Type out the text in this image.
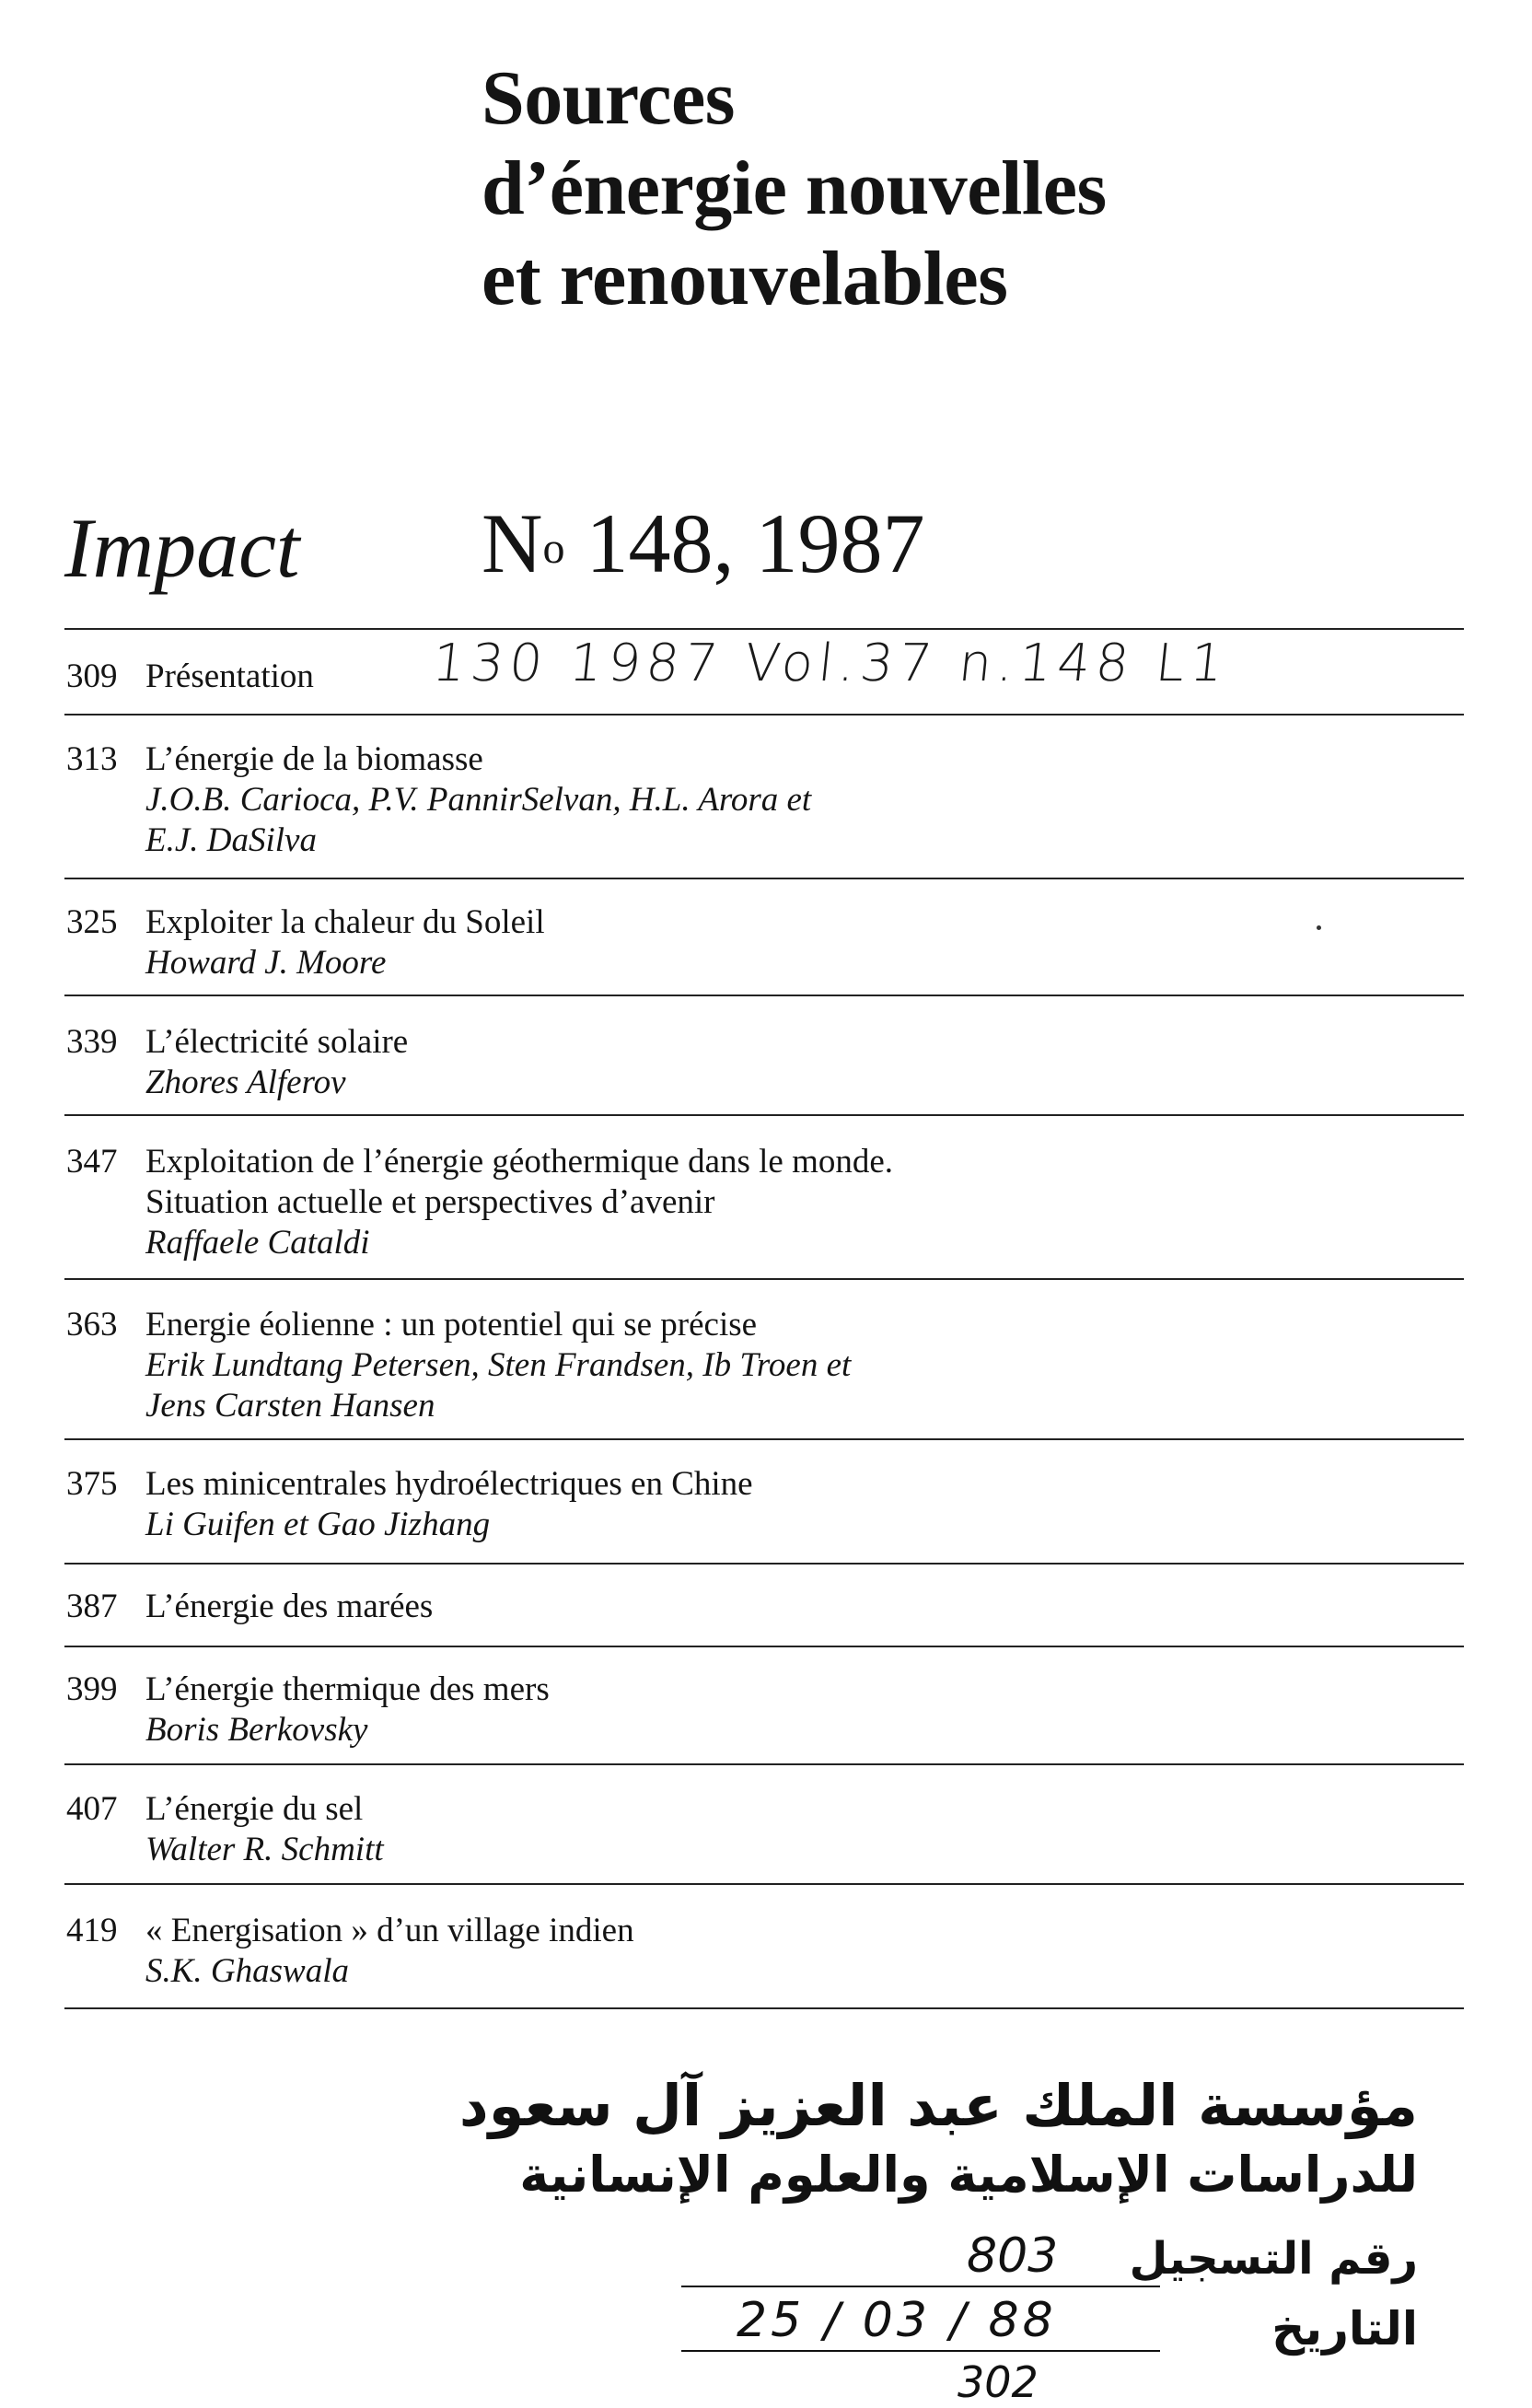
Sources
d’énergie nouvelles
et renouvelables
Impact $N^o$ 148, 1987
309 Présentation
313 L’énergie de la biomasse
J.O.B. Carioca, P.V. PannirSelvan, H.L. Arora et
E.J. DaSilva
325 Exploiter la chaleur du Soleil
Howard J. Moore
339 L’électricité solaire
Zhores Alferov
347 Exploitation de l’énergie géothermique dans le monde.
Situation actuelle et perspectives d’avenir
Raffaele Cataldi
363 Energie éolienne : un potentiel qui se précise
Erik Lundtang Petersen, Sten Frandsen, Ib Troen et
Jens Carsten Hansen
375 Les minicentrales hydroélectriques en Chine
Li Guifen et Gao Jizhang
387 L’énergie des marées
399 L’énergie thermique des mers
Boris Berkovsky
407 L’énergie du sel
Walter R. Schmitt
419 « Energisation » d’un village indien
S.K. Ghaswala
130 1987 Vol.37 n.148 L1
مؤسسة الملك عبد العزيز آل سعود
للدراسات الإسلامية والعلوم الإنسانية
رقم التسجيل
التاريخ
803
25 / 03 / 88
302
